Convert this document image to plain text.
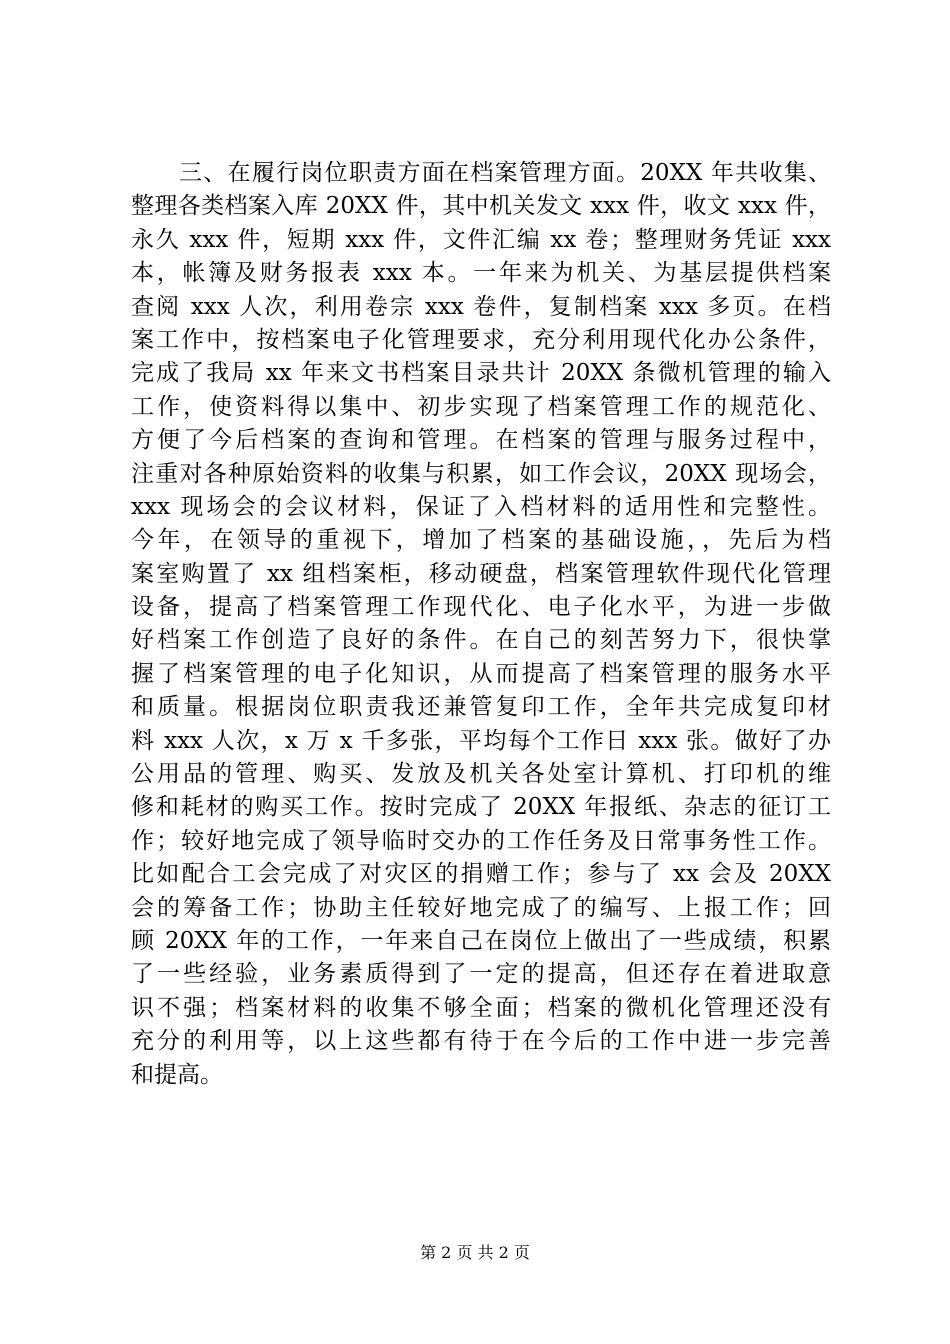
三、在履行岗位职责方面在档案管理方面。20XX 年共收集、
整理各类档案入库 20XX 件，其中机关发文 xxx 件，收文 xxx 件，
永久 xxx 件，短期 xxx 件，文件汇编 xx 卷；整理财务凭证 xxx
本，帐簿及财务报表 xxx 本。一年来为机关、为基层提供档案
查阅 xxx 人次，利用卷宗 xxx 卷件，复制档案 xxx 多页。在档
案工作中，按档案电子化管理要求，充分利用现代化办公条件，
完成了我局 xx 年来文书档案目录共计 20XX 条微机管理的输入
工作，使资料得以集中、初步实现了档案管理工作的规范化、
方便了今后档案的查询和管理。在档案的管理与服务过程中，
注重对各种原始资料的收集与积累，如工作会议，20XX 现场会，
xxx 现场会的会议材料，保证了入档材料的适用性和完整性。
今年，在领导的重视下，增加了档案的基础设施，，先后为档
案室购置了 xx 组档案柜，移动硬盘，档案管理软件现代化管理
设备，提高了档案管理工作现代化、电子化水平，为进一步做
好档案工作创造了良好的条件。在自己的刻苦努力下，很快掌
握了档案管理的电子化知识，从而提高了档案管理的服务水平
和质量。根据岗位职责我还兼管复印工作，全年共完成复印材
料 xxx 人次，x 万 x 千多张，平均每个工作日 xxx 张。做好了办
公用品的管理、购买、发放及机关各处室计算机、打印机的维
修和耗材的购买工作。按时完成了 20XX 年报纸、杂志的征订工
作；较好地完成了领导临时交办的工作任务及日常事务性工作。
比如配合工会完成了对灾区的捐赠工作；参与了 xx 会及 20XX
会的筹备工作；协助主任较好地完成了的编写、上报工作；回
顾 20XX 年的工作，一年来自己在岗位上做出了一些成绩，积累
了一些经验，业务素质得到了一定的提高，但还存在着进取意
识不强；档案材料的收集不够全面；档案的微机化管理还没有
充分的利用等，以上这些都有待于在今后的工作中进一步完善
和提高。
第 2 页 共 2 页
